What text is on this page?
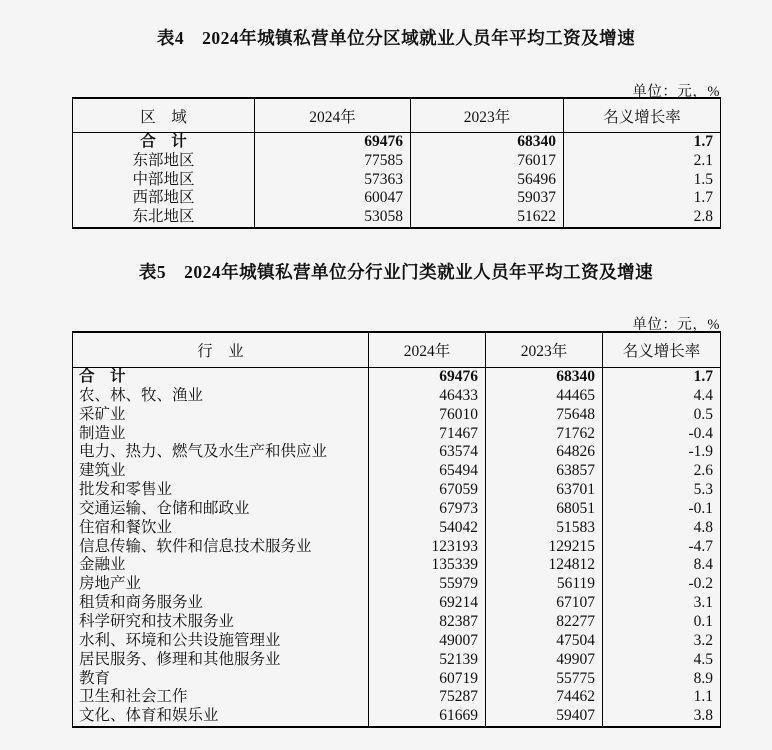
表4　2024年城镇私营单位分区域就业人员年平均工资及增速
单位：元，%
区　域	2024年	2023年	名义增长率
合　计	69476	68340	1.7
东部地区	77585	76017	2.1
中部地区	57363	56496	1.5
西部地区	60047	59037	1.7
东北地区	53058	51622	2.8
表5　2024年城镇私营单位分行业门类就业人员年平均工资及增速
单位：元，%
行　业	2024年	2023年	名义增长率
合　计	69476	68340	1.7
农、林、牧、渔业	46433	44465	4.4
采矿业	76010	75648	0.5
制造业	71467	71762	-0.4
电力、热力、燃气及水生产和供应业	63574	64826	-1.9
建筑业	65494	63857	2.6
批发和零售业	67059	63701	5.3
交通运输、仓储和邮政业	67973	68051	-0.1
住宿和餐饮业	54042	51583	4.8
信息传输、软件和信息技术服务业	123193	129215	-4.7
金融业	135339	124812	8.4
房地产业	55979	56119	-0.2
租赁和商务服务业	69214	67107	3.1
科学研究和技术服务业	82387	82277	0.1
水利、环境和公共设施管理业	49007	47504	3.2
居民服务、修理和其他服务业	52139	49907	4.5
教育	60719	55775	8.9
卫生和社会工作	75287	74462	1.1
文化、体育和娱乐业	61669	59407	3.8
